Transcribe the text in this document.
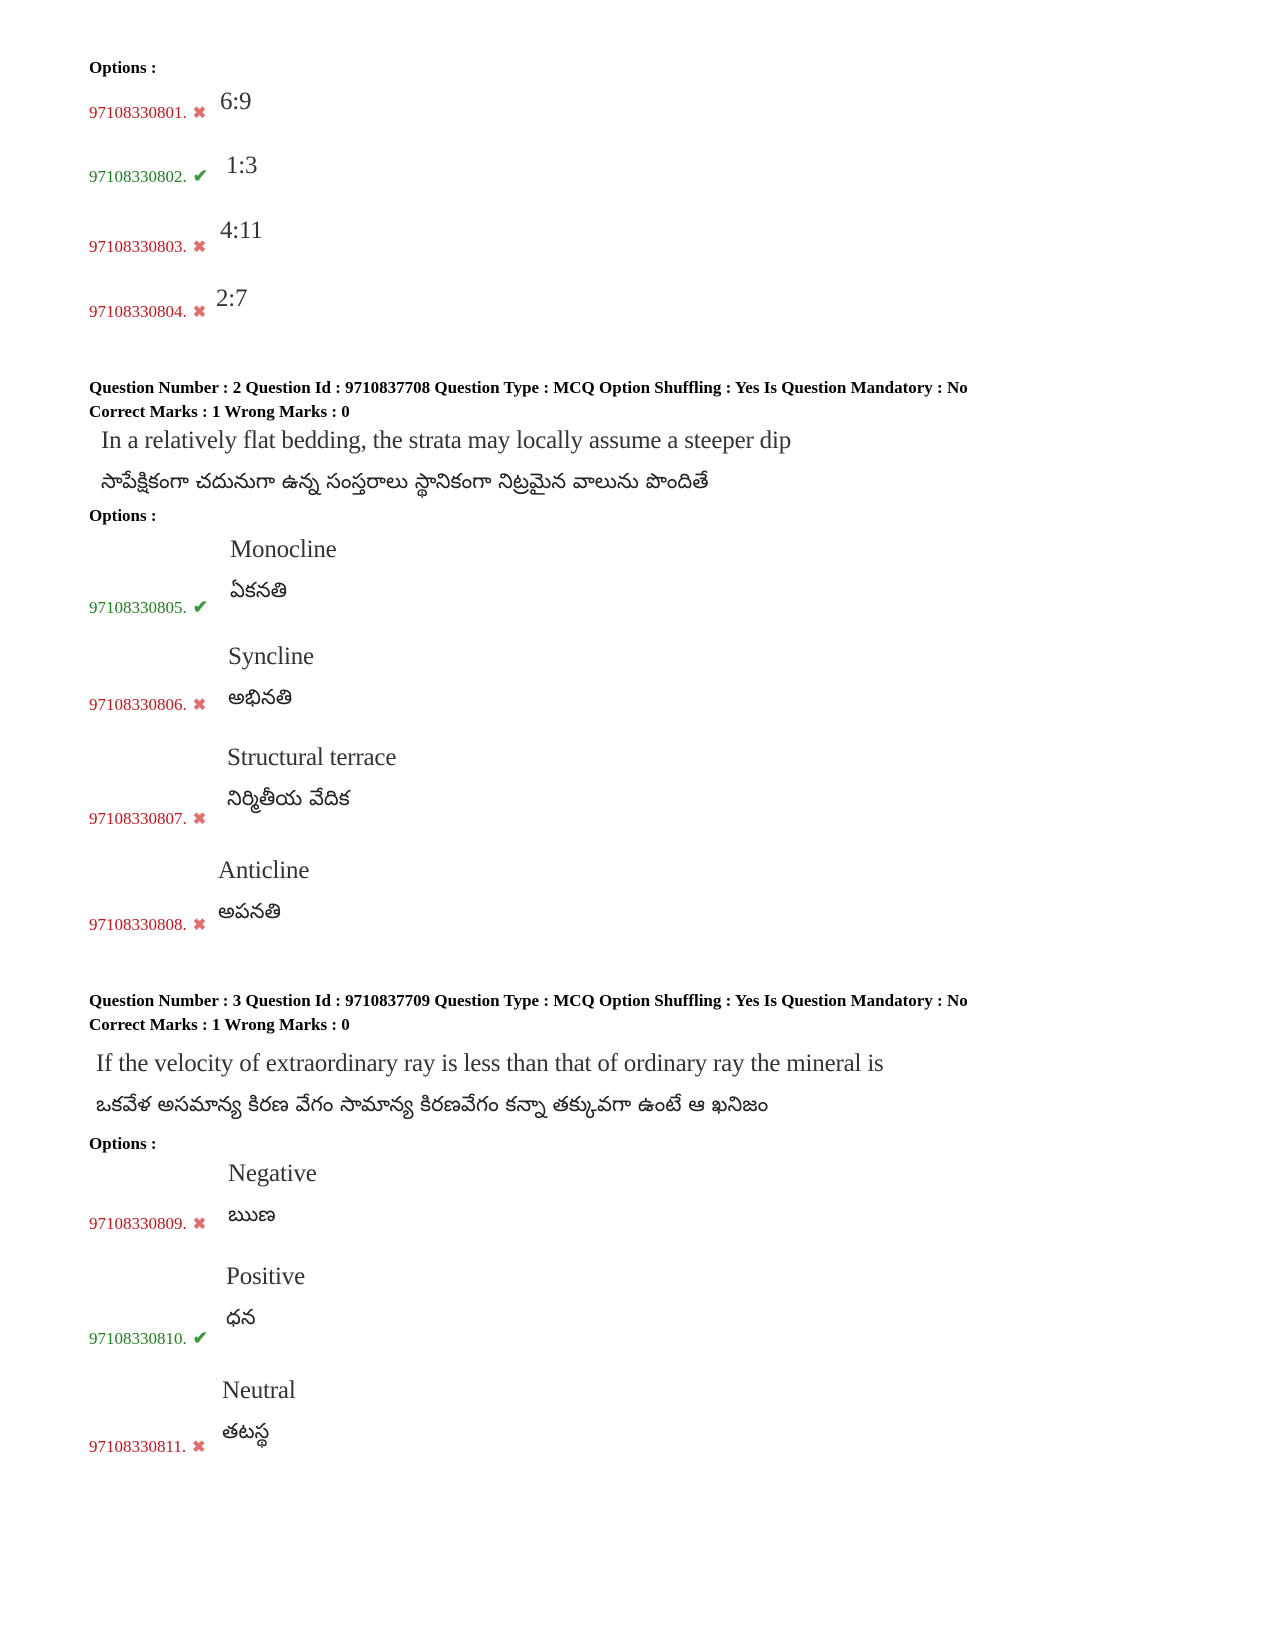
Options :
97108330801. ✖ 6:9
97108330802. ✔ 1:3
97108330803. ✖
4:11
97108330804. ✖
2:7
Question Number : 2 Question Id : 9710837708 Question Type : MCQ Option Shuffling : Yes Is Question Mandatory : No
Correct Marks : 1 Wrong Marks : 0
In a relatively flat bedding, the strata may locally assume a steeper dip
సాపేక్షికంగా చదునుగా ఉన్న సంస్తరాలు స్థానికంగా నిట్రమైన వాలును పొందితే
Options :
Monocline
ఏకనతి
97108330805. ✔
Syncline
అభినతి
97108330806. ✖
Structural terrace
నిర్మితీయ వేదిక
97108330807. ✖
Anticline
అపనతి
97108330808. ✖
Question Number : 3 Question Id : 9710837709 Question Type : MCQ Option Shuffling : Yes Is Question Mandatory : No
Correct Marks : 1 Wrong Marks : 0
If the velocity of extraordinary ray is less than that of ordinary ray the mineral is
ఒకవేళ అసమాన్య కిరణ వేగం సామాన్య కిరణవేగం కన్నా తక్కువగా ఉంటే ఆ ఖనిజం
Options :
Negative
ఋణ
97108330809. ✖
Positive
ధన
97108330810. ✔
Neutral
తటస్థ
97108330811. ✖
